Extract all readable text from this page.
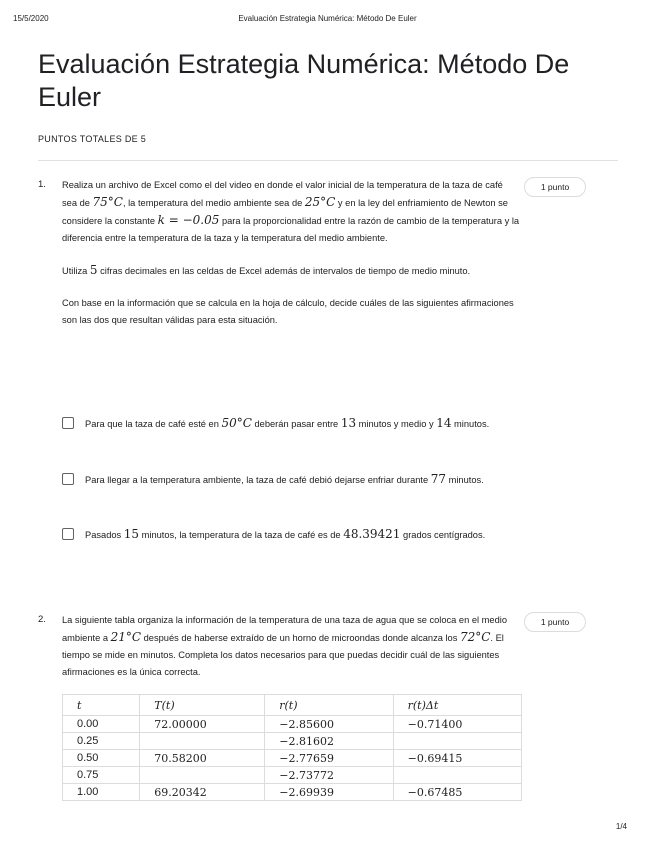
15/5/2020	Evaluación Estrategia Numérica: Método De Euler
Evaluación Estrategia Numérica: Método De Euler
PUNTOS TOTALES DE 5
1.	1 punto

Realiza un archivo de Excel como el del video en donde el valor inicial de la temperatura de la taza de café sea de 75°C, la temperatura del medio ambiente sea de 25°C y en la ley del enfriamiento de Newton se considere la constante k = −0.05 para la proporcionalidad entre la razón de cambio de la temperatura y la diferencia entre la temperatura de la taza y la temperatura del medio ambiente.

Utiliza 5 cifras decimales en las celdas de Excel además de intervalos de tiempo de medio minuto.

Con base en la información que se calcula en la hoja de cálculo, decide cuáles de las siguientes afirmaciones son las dos que resultan válidas para esta situación.

Para que la taza de café esté en 50°C deberán pasar entre 13 minutos y medio y 14 minutos.
Para llegar a la temperatura ambiente, la taza de café debió dejarse enfriar durante 77 minutos.
Pasados 15 minutos, la temperatura de la taza de café es de 48.39421 grados centígrados.
2.	1 punto

La siguiente tabla organiza la información de la temperatura de una taza de agua que se coloca en el medio ambiente a 21°C después de haberse extraído de un horno de microondas donde alcanza los 72°C. El tiempo se mide en minutos. Completa los datos necesarios para que puedas decidir cuál de las siguientes afirmaciones es la única correcta.

t	T(t)	r(t)	r(t)Δt
0.00	72.00000	−2.85600	−0.71400
0.25		−2.81602	
0.50	70.58200	−2.77659	−0.69415
0.75		−2.73772	
1.00	69.20342	−2.69939	−0.67485
1/4
